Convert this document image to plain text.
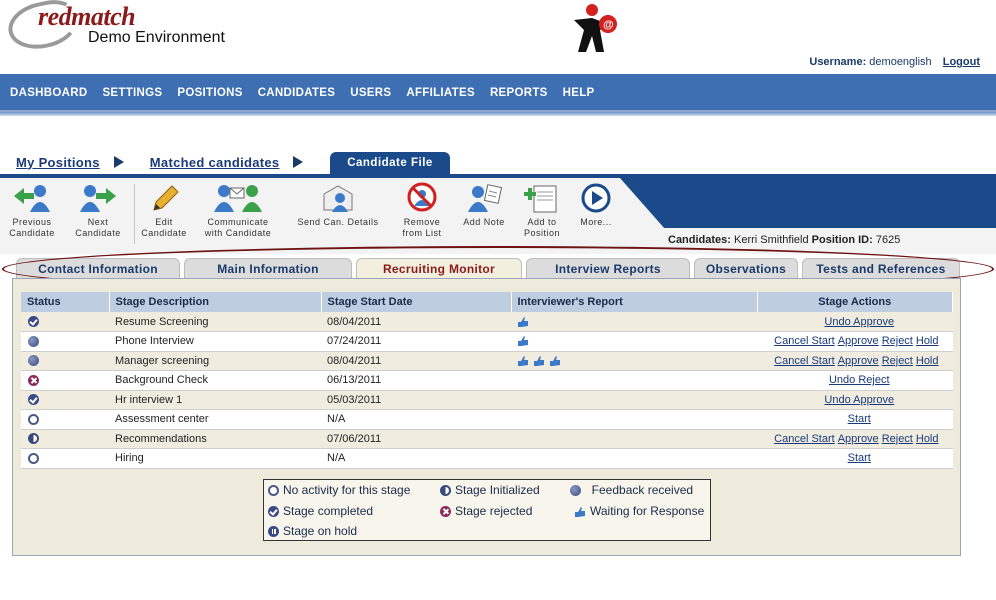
redmatch
Demo Environment
@
Username: demoenglish Logout
DASHBOARD SETTINGS POSITIONS CANDIDATES USERS AFFILIATES REPORTS HELP
My Positions	Matched candidates	Candidate File
Previous
Candidate
Next
Candidate
Edit
Candidate
Communicate
with Candidate
Send Can. Details	Remove
from List
Add Note	Add to
Position
More...
Candidates: Kerri Smithfield Position ID: 7625
Contact Information	Main Information	Recruiting Monitor	Interview Reports	Observations	Tests and References
Status	Stage Description	Stage Start Date	Interviewer's Report	Stage Actions
	Resume Screening	08/04/2011		Undo Approve
	Phone Interview	07/24/2011		Cancel Start Approve Reject Hold
	Manager screening	08/04/2011		Cancel Start Approve Reject Hold
	Background Check	06/13/2011		Undo Reject
	Hr interview 1	05/03/2011		Undo Approve
	Assessment center	N/A		Start
	Recommendations	07/06/2011		Cancel Start Approve Reject Hold
	Hiring	N/A		Start
No activity for this stage	Stage Initialized	Feedback received
Stage completed	Stage rejected	Waiting for Response
Stage on hold
